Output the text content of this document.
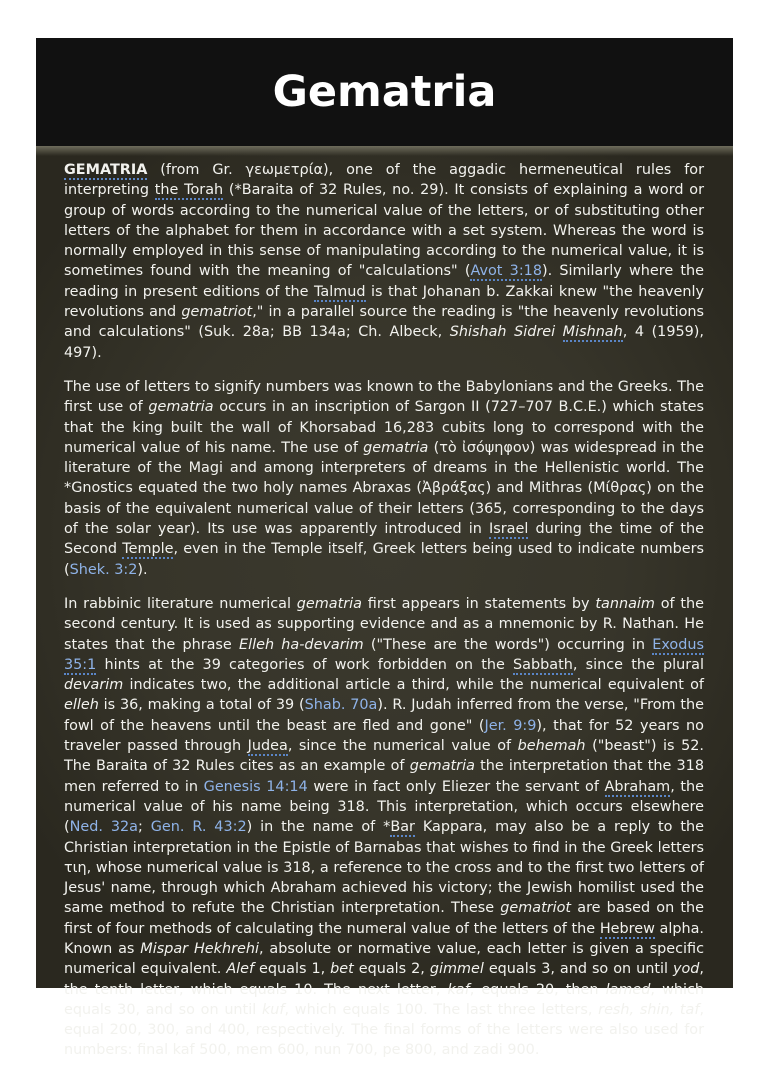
Gematria

GEMATRIA (from Gr. γεωμετρία), one of the aggadic hermeneutical rules for interpreting the Torah (*Baraita of 32 Rules, no. 29). It consists of explaining a word or group of words according to the numerical value of the letters, or of substituting other letters of the alphabet for them in accordance with a set system. Whereas the word is normally employed in this sense of manipulating according to the numerical value, it is sometimes found with the meaning of "calculations" (Avot 3:18). Similarly where the reading in present editions of the Talmud is that Johanan b. Zakkai knew "the heavenly revolutions and gematriot," in a parallel source the reading is "the heavenly revolutions and calculations" (Suk. 28a; BB 134a; Ch. Albeck, Shishah Sidrei Mishnah, 4 (1959), 497).

The use of letters to signify numbers was known to the Babylonians and the Greeks. The first use of gematria occurs in an inscription of Sargon II (727–707 B.C.E.) which states that the king built the wall of Khorsabad 16,283 cubits long to correspond with the numerical value of his name. The use of gematria (τὸ ἰσόψηφον) was widespread in the literature of the Magi and among interpreters of dreams in the Hellenistic world. The *Gnostics equated the two holy names Abraxas (Ἀβράξας) and Mithras (Μίθρας) on the basis of the equivalent numerical value of their letters (365, corresponding to the days of the solar year). Its use was apparently introduced in Israel during the time of the Second Temple, even in the Temple itself, Greek letters being used to indicate numbers (Shek. 3:2).

In rabbinic literature numerical gematria first appears in statements by tannaim of the second century. It is used as supporting evidence and as a mnemonic by R. Nathan. He states that the phrase Elleh ha-devarim ("These are the words") occurring in Exodus 35:1 hints at the 39 categories of work forbidden on the Sabbath, since the plural devarim indicates two, the additional article a third, while the numerical equivalent of elleh is 36, making a total of 39 (Shab. 70a). R. Judah inferred from the verse, "From the fowl of the heavens until the beast are fled and gone" (Jer. 9:9), that for 52 years no traveler passed through Judea, since the numerical value of behemah ("beast") is 52. The Baraita of 32 Rules cites as an example of gematria the interpretation that the 318 men referred to in Genesis 14:14 were in fact only Eliezer the servant of Abraham, the numerical value of his name being 318. This interpretation, which occurs elsewhere (Ned. 32a; Gen. R. 43:2) in the name of *Bar Kappara, may also be a reply to the Christian interpretation in the Epistle of Barnabas that wishes to find in the Greek letters τιη, whose numerical value is 318, a reference to the cross and to the first two letters of Jesus' name, through which Abraham achieved his victory; the Jewish homilist used the same method to refute the Christian interpretation. These gematriot are based on the first of four methods of calculating the numeral value of the letters of the Hebrew alpha. Known as Mispar Hekhrehi, absolute or normative value, each letter is given a specific numerical equivalent. Alef equals 1, bet equals 2, gimmel equals 3, and so on until yod, the tenth letter, which equals 10. The next letter, kaf, equals 20, then lamed, which equals 30, and so on until kuf, which equals 100. The last three letters, resh, shin, taf, equal 200, 300, and 400, respectively. The final forms of the letters were also used for numbers: final kaf 500, mem 600, nun 700, pe 800, and zadi 900.
